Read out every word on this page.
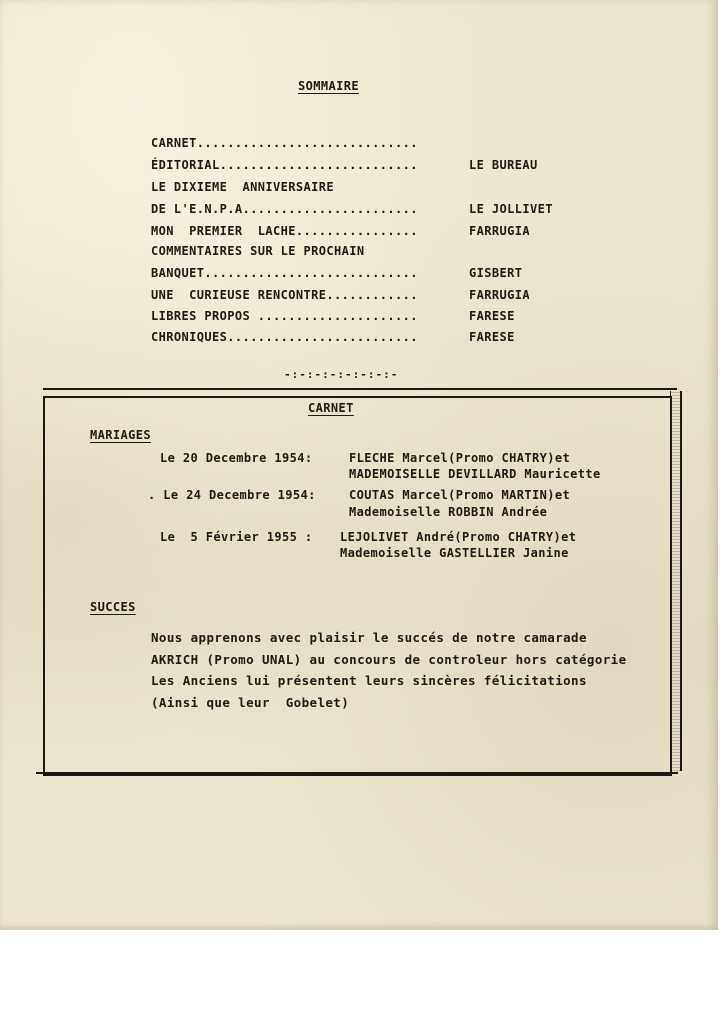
SOMMAIRE
CARNET.............................
ÉDITORIAL..........................	LE BUREAU
LE DIXIEME  ANNIVERSAIRE
DE L'E.N.P.A.......................	LE JOLLIVET
MON  PREMIER  LACHE................	FARRUGIA
COMMENTAIRES SUR LE PROCHAIN
BANQUET............................	GISBERT
UNE  CURIEUSE RENCONTRE............	FARRUGIA
LIBRES PROPOS .....................	FARESE
CHRONIQUES.........................	FARESE
-:-:-:-:-:-:-:-
CARNET
MARIAGES
Le 20 Decembre 1954:	FLECHE Marcel(Promo CHATRY)et
MADEMOISELLE DEVILLARD Mauricette
. Le 24 Decembre 1954:	COUTAS Marcel(Promo MARTIN)et
Mademoiselle ROBBIN Andrée
Le  5 Février 1955 : LEJOLIVET André(Promo CHATRY)et
Mademoiselle GASTELLIER Janine
SUCCES
Nous apprenons avec plaisir le succés de notre camarade
AKRICH (Promo UNAL) au concours de controleur hors catégorie
Les Anciens lui présentent leurs sincères félicitations
(Ainsi que leur  Gobelet)
